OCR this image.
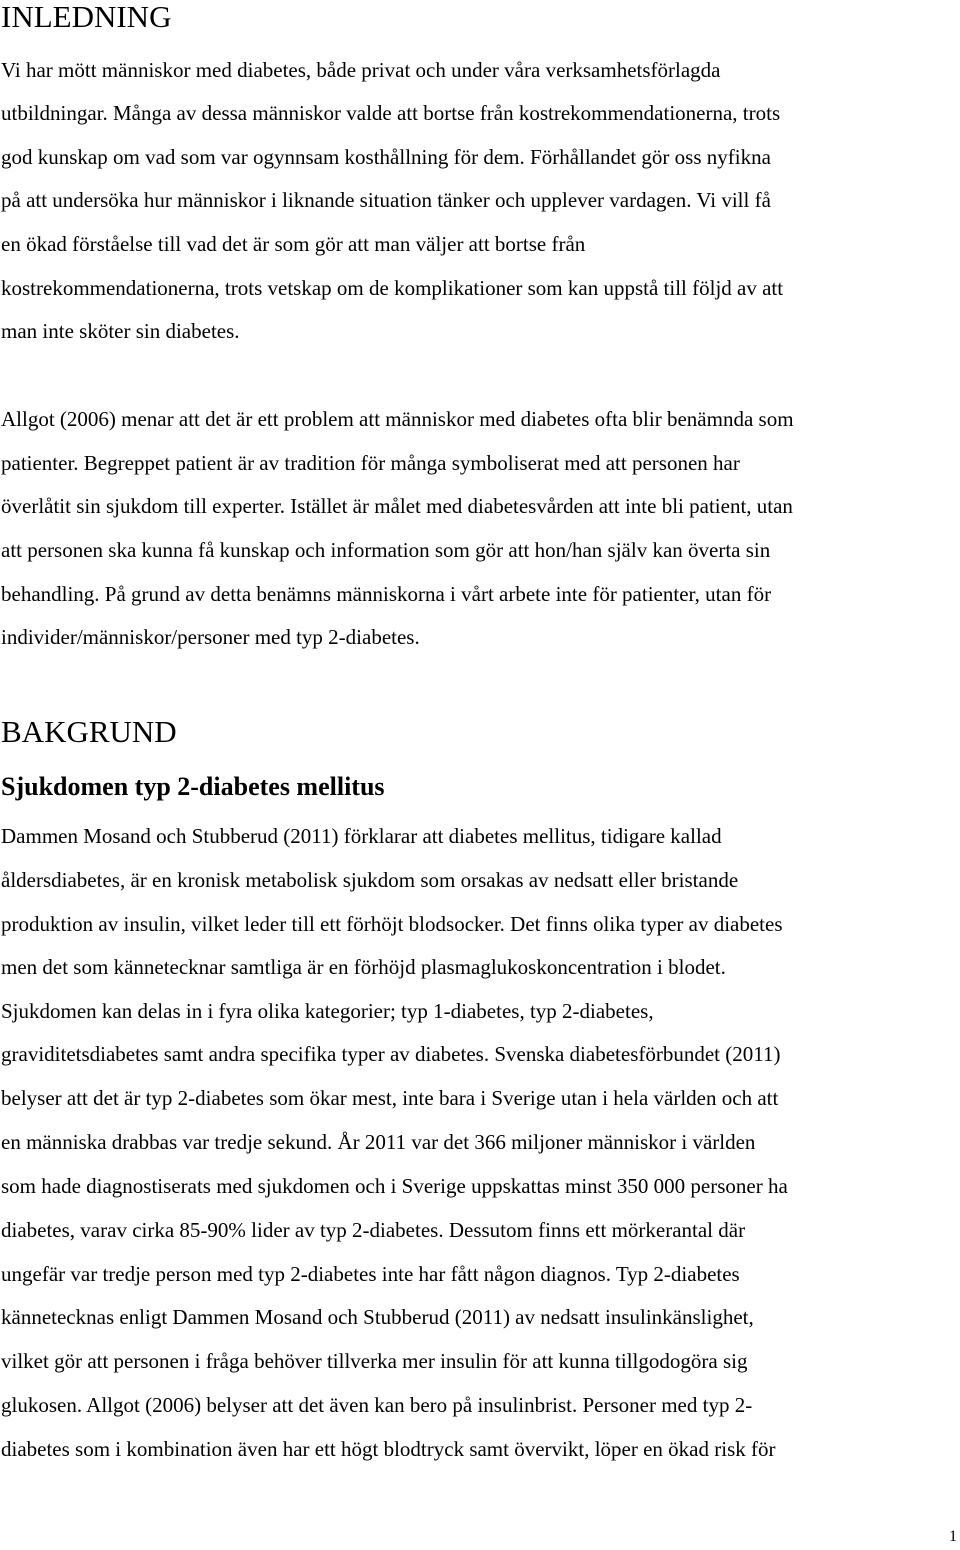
INLEDNING
Vi har mött människor med diabetes, både privat och under våra verksamhetsförlagda
utbildningar. Många av dessa människor valde att bortse från kostrekommendationerna, trots
god kunskap om vad som var ogynnsam kosthållning för dem. Förhållandet gör oss nyfikna
på att undersöka hur människor i liknande situation tänker och upplever vardagen. Vi vill få
en ökad förståelse till vad det är som gör att man väljer att bortse från
kostrekommendationerna, trots vetskap om de komplikationer som kan uppstå till följd av att
man inte sköter sin diabetes.
Allgot (2006) menar att det är ett problem att människor med diabetes ofta blir benämnda som
patienter. Begreppet patient är av tradition för många symboliserat med att personen har
överlåtit sin sjukdom till experter. Istället är målet med diabetesvården att inte bli patient, utan
att personen ska kunna få kunskap och information som gör att hon/han själv kan överta sin
behandling. På grund av detta benämns människorna i vårt arbete inte för patienter, utan för
individer/människor/personer med typ 2-diabetes.
BAKGRUND
Sjukdomen typ 2-diabetes mellitus
Dammen Mosand och Stubberud (2011) förklarar att diabetes mellitus, tidigare kallad
åldersdiabetes, är en kronisk metabolisk sjukdom som orsakas av nedsatt eller bristande
produktion av insulin, vilket leder till ett förhöjt blodsocker. Det finns olika typer av diabetes
men det som kännetecknar samtliga är en förhöjd plasmaglukoskoncentration i blodet.
Sjukdomen kan delas in i fyra olika kategorier; typ 1-diabetes, typ 2-diabetes,
graviditetsdiabetes samt andra specifika typer av diabetes. Svenska diabetesförbundet (2011)
belyser att det är typ 2-diabetes som ökar mest, inte bara i Sverige utan i hela världen och att
en människa drabbas var tredje sekund. År 2011 var det 366 miljoner människor i världen
som hade diagnostiserats med sjukdomen och i Sverige uppskattas minst 350 000 personer ha
diabetes, varav cirka 85-90% lider av typ 2-diabetes. Dessutom finns ett mörkerantal där
ungefär var tredje person med typ 2-diabetes inte har fått någon diagnos. Typ 2-diabetes
kännetecknas enligt Dammen Mosand och Stubberud (2011) av nedsatt insulinkänslighet,
vilket gör att personen i fråga behöver tillverka mer insulin för att kunna tillgodogöra sig
glukosen. Allgot (2006) belyser att det även kan bero på insulinbrist. Personer med typ 2-
diabetes som i kombination även har ett högt blodtryck samt övervikt, löper en ökad risk för
1
